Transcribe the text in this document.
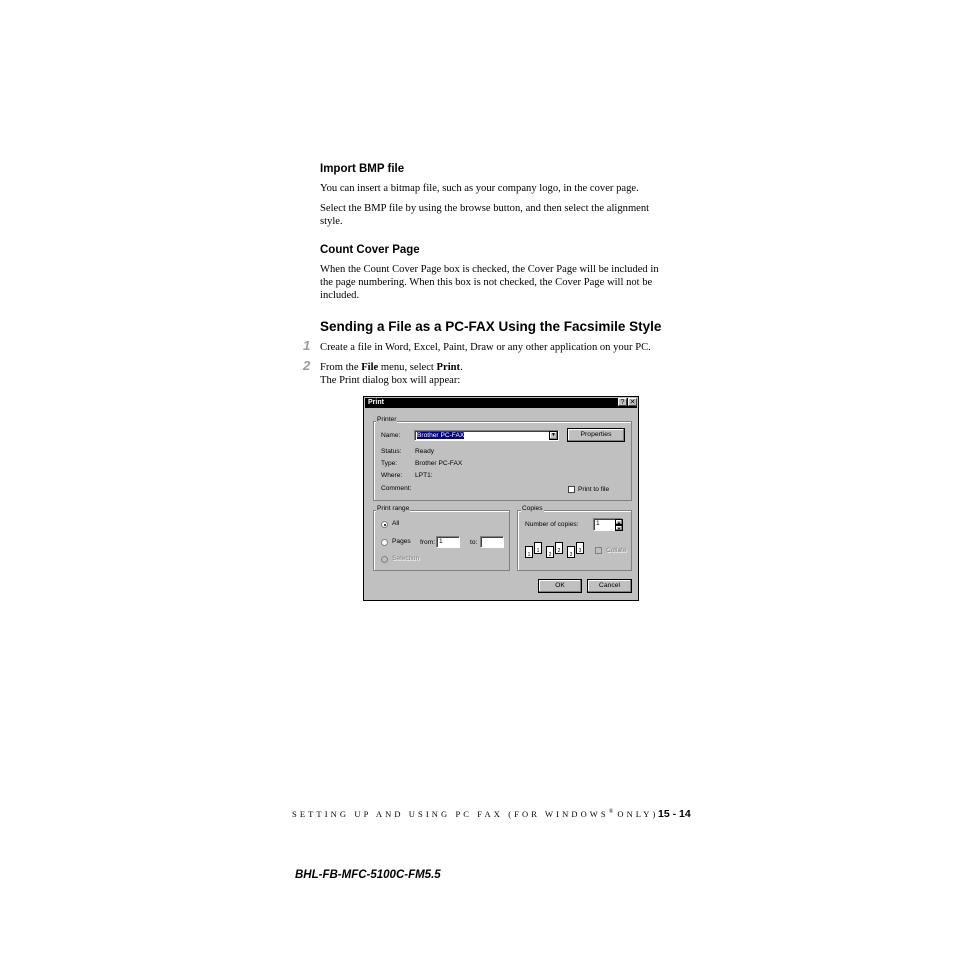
Import BMP file
You can insert a bitmap file, such as your company logo, in the cover page.
Select the BMP file by using the browse button, and then select the alignment
style.
Count Cover Page
When the Count Cover Page box is checked, the Cover Page will be included in
the page numbering. When this box is not checked, the Cover Page will not be
included.
Sending a File as a PC-FAX Using the Facsimile Style
1 Create a file in Word, Excel, Paint, Draw or any other application on your PC.
2 From the File menu, select Print.
The Print dialog box will appear:
Print	? ✕
Printer
Name:	Brother PC-FAX	▼	Properties
Status: Ready
Type:	Brother PC-FAX
Where: LPT1:
Comment:	Print to file
Print range
All
Pages from: 1	to:
Selection
Copies
Number of copies:	1	▲
▼
1
1
2
2
3
3	Collate
OK	Cancel
SETTING UP AND USING PC FAX (FOR WINDOWS® ONLY) 15 - 14
BHL-FB-MFC-5100C-FM5.5
